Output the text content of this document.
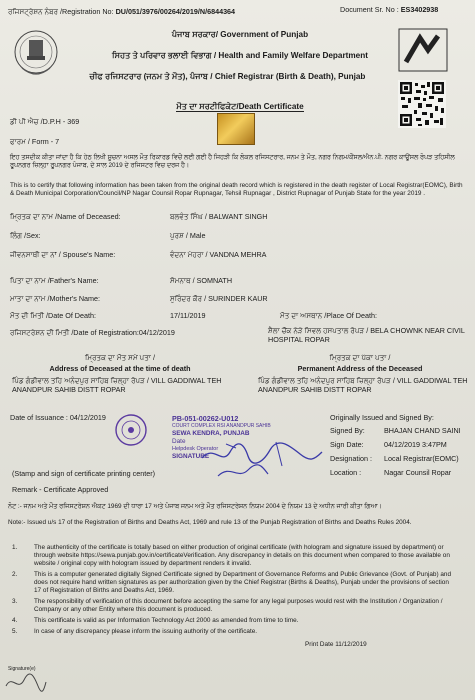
ਰਜਿਸਟ੍ਰੇਸ਼ਨ ਨੰਬਰ /Registration No: DU/051/3976/00264/2019/N/6844364	Document Sr. No : ES3402938
ਪੰਜਾਬ ਸਰਕਾਰ/ Government of Punjab
ਸਿਹਤ ਤੇ ਪਰਿਵਾਰ ਭਲਾਈ ਵਿਭਾਗ / Health and Family Welfare Department
ਚੀਫ ਰਜਿਸਟਰਾਰ (ਜਨਮ ਤੇ ਮੌਤ), ਪੰਜਾਬ / Chief Registrar (Birth & Death), Punjab
ਮੌਤ ਦਾ ਸਰਟੀਫਿਕੇਟ/Death Certificate
ਡੀ ਪੀ ਐਚ /D.P.H - 369
ਫਾਰਮ / Form - 7
ਇਹ ਤਸਦੀਕ ਕੀਤਾ ਜਾਂਦਾ ਹੈ ਕਿ ਹੇਠ ਲਿਖੀ ਸੂਚਨਾ ਅਸਲ ਮੌਤ ਰਿਕਾਰਡ ਵਿਚੋਂ ਲਈ ਗਈ ਹੈ ਜਿਹੜੀ ਕਿ ਲੋਕਲ ਰਜਿਸਟਰਾਰ, ਜਨਮ ਤੇ ਮੌਤ, ਨਗਰ ਨਿਗਮ/ਕੌਂਸਲ/ਐਨ.ਪੀ. ਨਗਰ ਕਾਊਂਸਲ ਰੋਪੜ ਤਹਿਸੀਲ ਰੂਪਨਗਰ ਜ਼ਿਲ੍ਹਾ ਰੂਪਨਗਰ ਪੰਜਾਬ, ਦੇ ਸਾਲ 2019 ਦੇ ਰਜਿਸਟਰ ਵਿਚ ਦਰਜ ਹੈ।
This is to certify that following information has been taken from the original death record which is registered in the death register of Local Registrar(EOMC), Birth & Death Municipal Corporation/Council/NP Nagar Counsil Ropar Rupnagar, Tehsil Rupnagar , District Rupnagar of Punjab State for the year 2019 .
ਮ੍ਰਿਤਕ ਦਾ ਨਾਮ /Name of Deceased:	ਬਲਵੰਤ ਸਿੰਘ / BALWANT SINGH
ਲਿੰਗ /Sex:	ਪੁਰਸ਼ / Male
ਜੀਵਨਸਾਥੀ ਦਾ ਨਾਂ / Spouse's Name:	ਵੰਦਨਾ ਮੇਹਰਾ / VANDNA MEHRA
ਪਿਤਾ ਦਾ ਨਾਮ /Father's Name:	ਸੋਮਨਾਥ / SOMNATH
ਮਾਤਾ ਦਾ ਨਾਮ /Mother's Name:	ਸੁਰਿੰਦਰ ਕੌਰ / SURINDER KAUR
ਮੌਤ ਦੀ ਮਿਤੀ /Date Of Death:	17/11/2019	ਮੌਤ ਦਾ ਅਸਥਾਨ /Place Of Death:
ਰਜਿਸਟਰੇਸ਼ਨ ਦੀ ਮਿਤੀ /Date of Registration:04/12/2019	ਸ਼ੈਲਾ ਚੌਂਕ ਨੇੜੇ ਸਿਵਲ ਹਸਪਤਾਲ ਰੋਪੜ / BELA CHOWNK NEAR CIVIL HOSPITAL ROPAR
ਮ੍ਰਿਤਕ ਦਾ ਮੌਤ ਸਮੇਂ ਪਤਾ /
Address of Deceased at the time of death
ਪਿੰਡ ਗੰਡੀਵਾਲ ਤਹਿ ਅਨੰਦਪੁਰ ਸਾਹਿਬ ਜ਼ਿਲ੍ਹਾ ਰੋਪੜ / VILL GADDIWAL TEH ANANDPUR SAHIB DISTT ROPAR
ਮ੍ਰਿਤਕ ਦਾ ਪੱਕਾ ਪਤਾ /
Permanent Address of the Deceased
ਪਿੰਡ ਗੰਡੀਵਾਲ ਤਹਿ ਅਨੰਦਪੁਰ ਸਾਹਿਬ ਜ਼ਿਲ੍ਹਾ ਰੋਪੜ / VILL GADDIWAL TEH ANANDPUR SAHIB DISTT ROPAR
Date of Issuance : 04/12/2019	Originally Issued and Signed By:
Signed By:	BHAJAN CHAND SAINI
Sign Date:	04/12/2019 3:47PM
Designation : Local Registrar(EOMC)
Location :	Nagar Counsil Ropar
PB-051-00262-U012
COURT COMPLEX RSI ANANDPUR SAHIB
SEWA KENDRA, PUNJAB
Date
Helpdesk Operator
SIGNATURE
(Stamp and sign of certificate printing center)
Remark - Certificate Approved
ਨੋਟ :- ਜਨਮ ਅਤੇ ਮੌਤ ਰਜਿਸਟਰੇਸ਼ਨ ਐਕਟ 1969 ਦੀ ਧਾਰਾ 17 ਅਤੇ ਪੰਜਾਬ ਜਨਮ ਅਤੇ ਮੌਤ ਰਜਿਸਟਰੇਸ਼ਨ ਨਿਯਮ 2004 ਦੇ ਨਿਯਮ 13 ਦੇ ਅਧੀਨ ਜਾਰੀ ਕੀਤਾ ਗਿਆ।
Note:- Issued u/s 17 of the Registration of Births and Deaths Act, 1969 and rule 13 of the Punjab Registration of Births and Deaths Rules 2004.
1.	The authenticity of the certificate is totally based on either production of original certificate (with hologram and signature issued by department) or through website https://sewa.punjab.gov.in/certificateVerification. Any discrepancy in details on this document when compared to those available on website / original copy with hologram issued by department renders it invalid.
2.	This is a computer generated digitally Signed Certificate signed by Department of Governance Reforms and Public Grievance (Govt. of Punjab) and does not require hand written signatures as per authorization given by the Chief Registrar (Births & Deaths), Punjab under the provisions of section 17 of Registration of Births and Deaths Act, 1969.
3.	The responsibility of verification of this document before accepting the same for any legal purposes would rest with the Institution / Organization / Company or any other Entity where this document is produced.
4.	This certificate is valid as per Information Technology Act 2000 as amended from time to time.
5.	In case of any discrepancy please inform the issuing authority of the certificate.
Print Date 11/12/2019
Signature(e)
